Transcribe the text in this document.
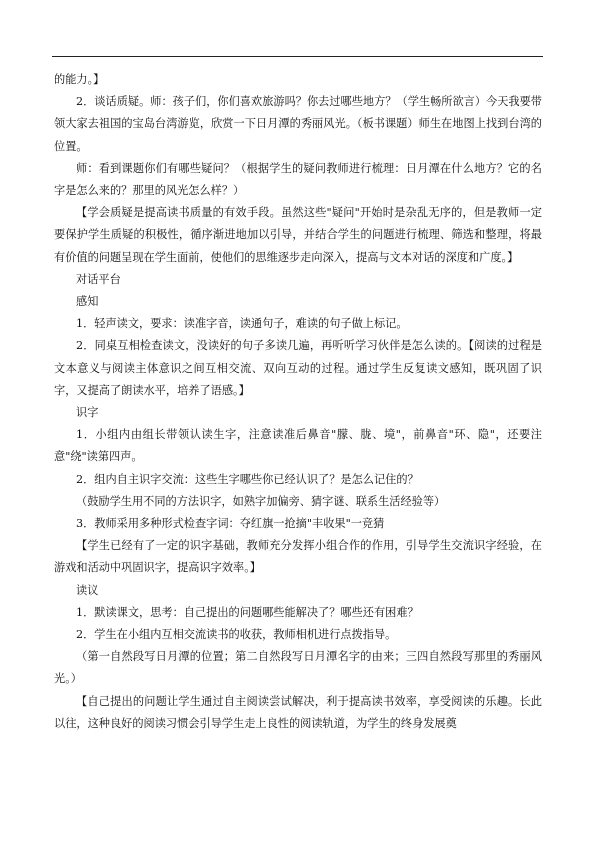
的能力。】

2．谈话质疑。师：孩子们，你们喜欢旅游吗？你去过哪些地方？（学生畅所欲言）今天我要带领大家去祖国的宝岛台湾游览，欣赏一下日月潭的秀丽风光。（板书课题）师生在地图上找到台湾的位置。

师：看到课题你们有哪些疑问？（根据学生的疑问教师进行梳理：日月潭在什么地方？它的名字是怎么来的？那里的风光怎么样？）

【学会质疑是提高读书质量的有效手段。虽然这些"疑问"开始时是杂乱无序的，但是教师一定要保护学生质疑的积极性，循序渐进地加以引导，并结合学生的问题进行梳理、筛选和整理，将最有价值的问题呈现在学生面前，使他们的思维逐步走向深入，提高与文本对话的深度和广度。】

对话平台

感知

1．轻声读文，要求：读准字音，读通句子，难读的句子做上标记。

2．同桌互相检查读文，没读好的句子多读几遍，再听听学习伙伴是怎么读的。【阅读的过程是文本意义与阅读主体意识之间互相交流、双向互动的过程。通过学生反复读文感知，既巩固了识字，又提高了朗读水平，培养了语感。】

识字

1．小组内由组长带领认读生字，注意读准后鼻音"朦、胧、境"，前鼻音"环、隐"，还要注意"绕"读第四声。

2．组内自主识字交流：这些生字哪些你已经认识了？是怎么记住的？

（鼓励学生用不同的方法识字，如熟字加偏旁、猜字谜、联系生活经验等）

3．教师采用多种形式检查字词：夺红旗一抢摘"丰收果"一竞猜

【学生已经有了一定的识字基础，教师充分发挥小组合作的作用，引导学生交流识字经验，在游戏和活动中巩固识字，提高识字效率。】

读议

1．默读课文，思考：自己提出的问题哪些能解决了？哪些还有困难？

2．学生在小组内互相交流读书的收获，教师相机进行点拨指导。

（第一自然段写日月潭的位置；第二自然段写日月潭名字的由来；三四自然段写那里的秀丽风光。）

【自己提出的问题让学生通过自主阅读尝试解决，利于提高读书效率，享受阅读的乐趣。长此以往，这种良好的阅读习惯会引导学生走上良性的阅读轨道，为学生的终身发展奠
